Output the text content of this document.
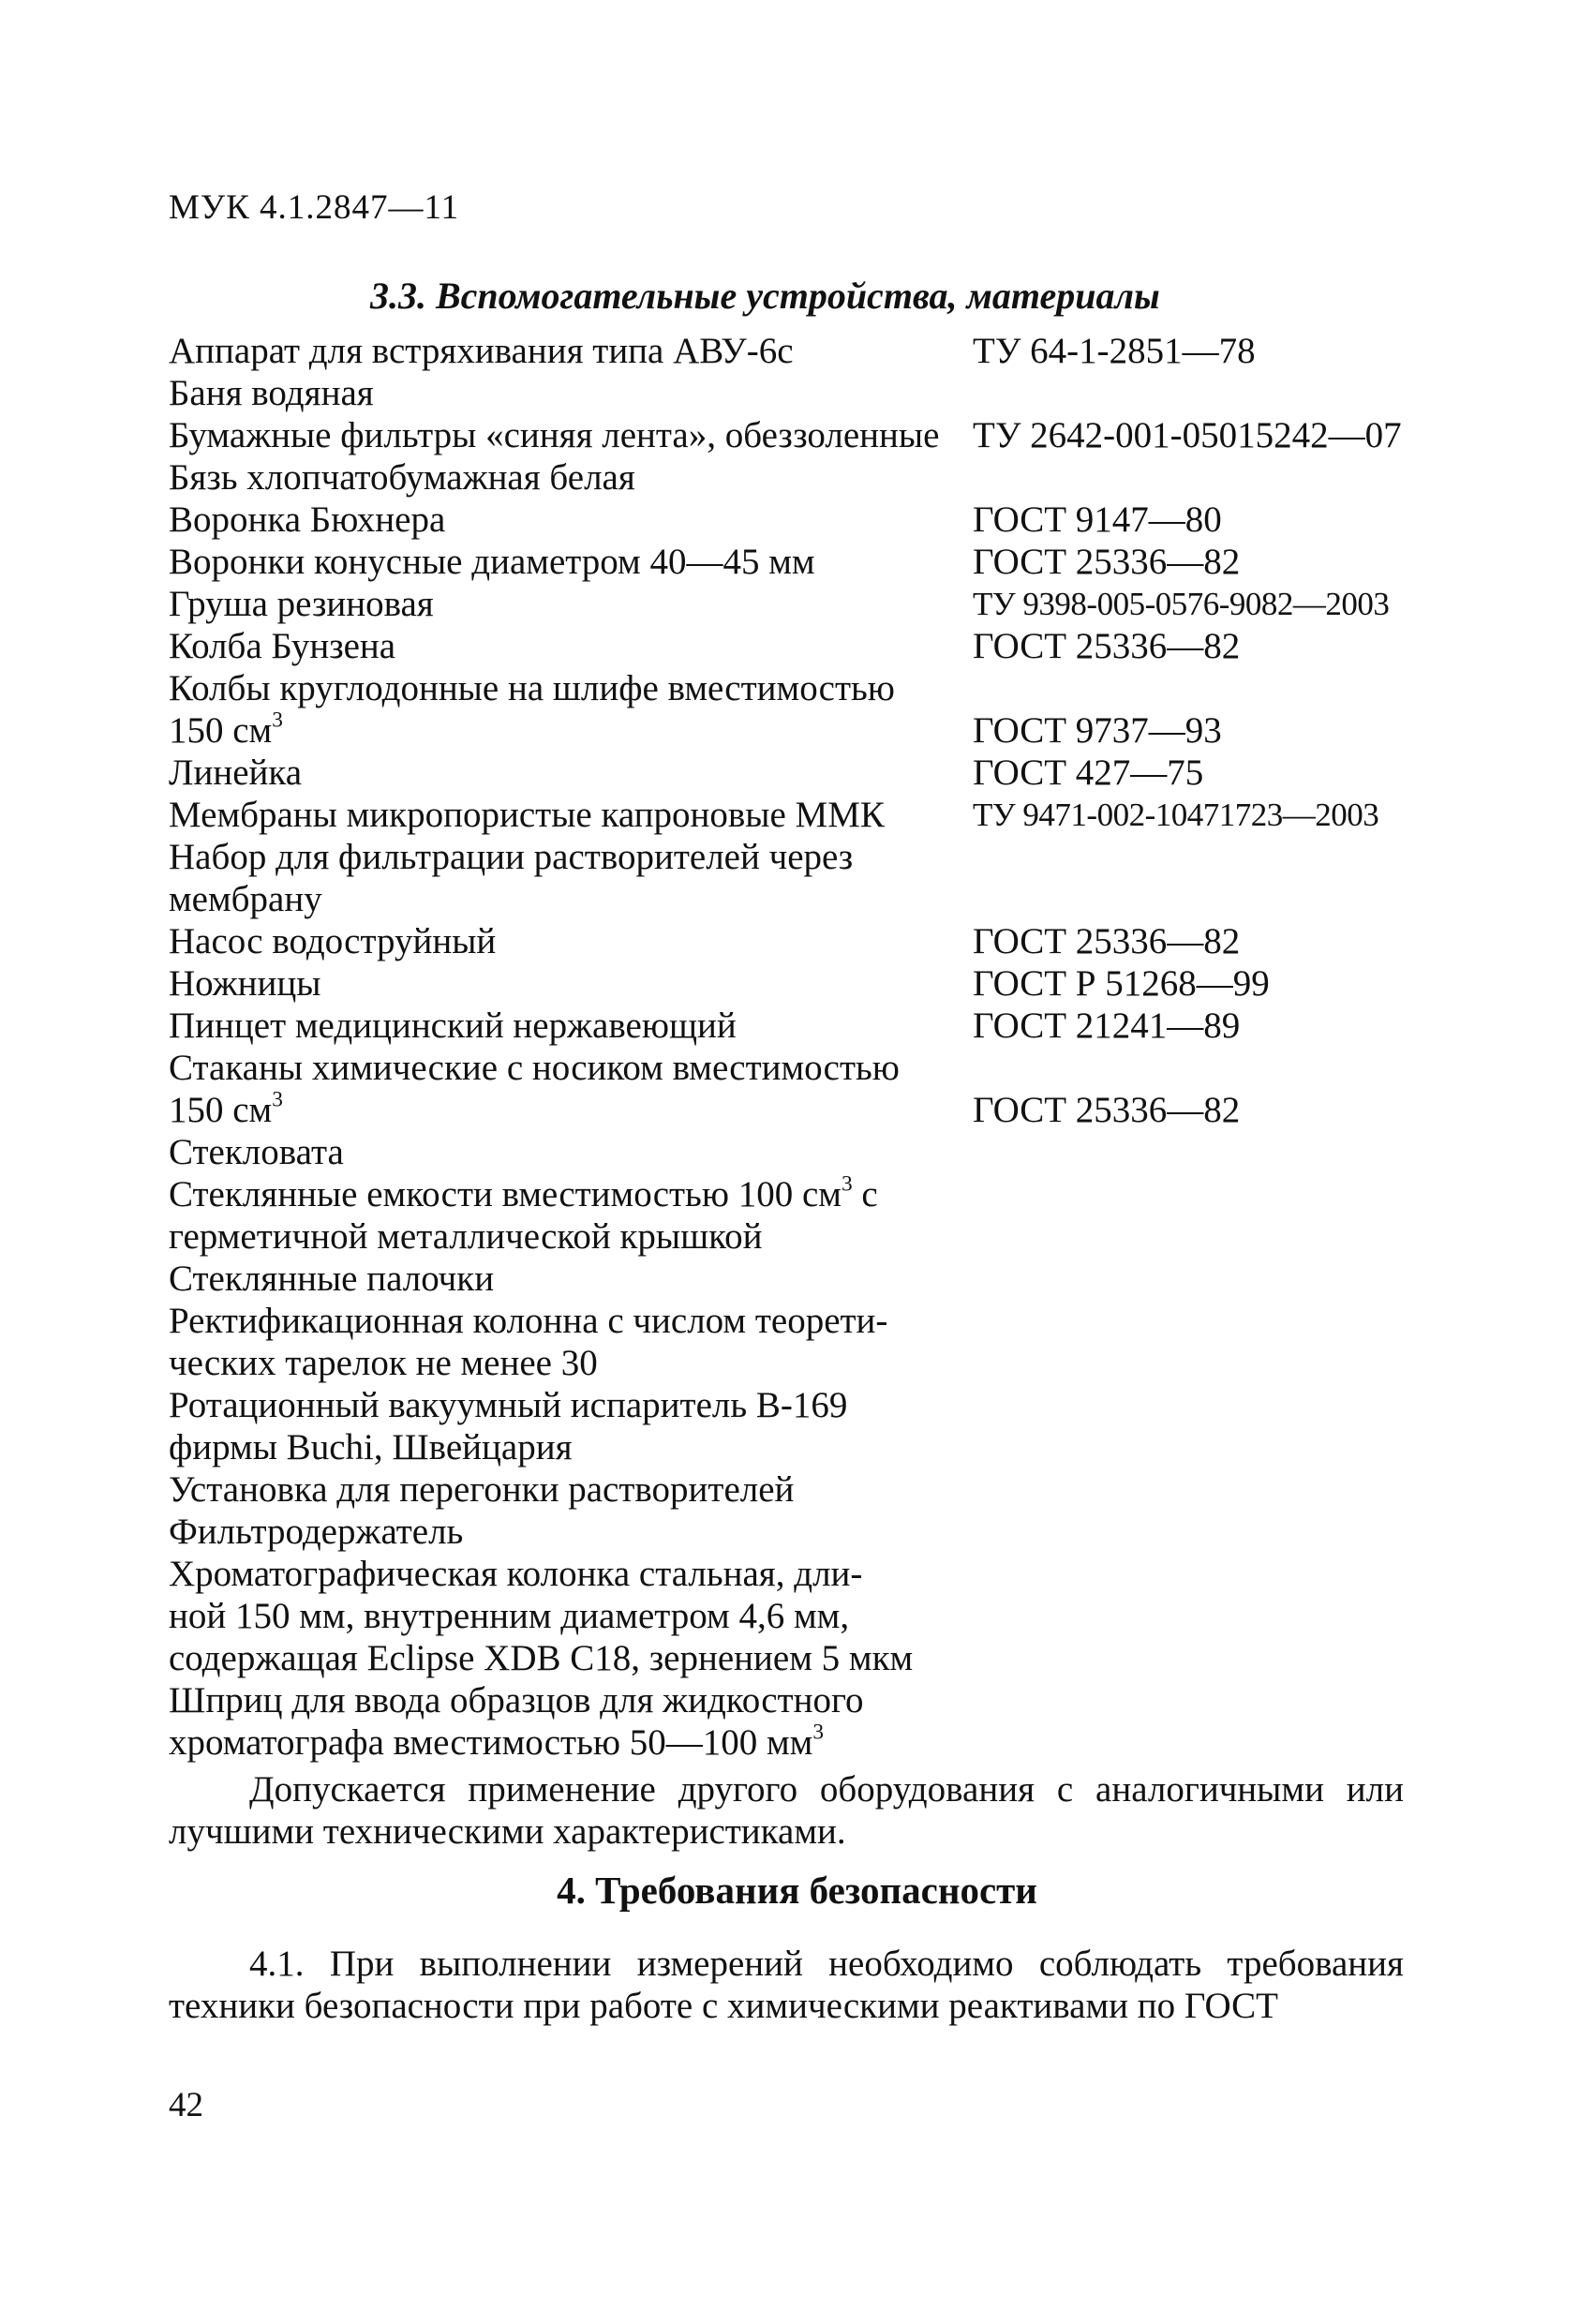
МУК 4.1.2847—11
3.3. Вспомогательные устройства, материалы
Аппарат для встряхивания типа АВУ-6с	ТУ 64-1-2851—78
Баня водяная
Бумажные фильтры «синяя лента», обеззоленные ТУ 2642-001-05015242—07
Бязь хлопчатобумажная белая
Воронка Бюхнера	ГОСТ 9147—80
Воронки конусные диаметром 40—45 мм	ГОСТ 25336—82
Груша резиновая	ТУ 9398-005-0576-9082—2003
Колба Бунзена	ГОСТ 25336—82
Колбы круглодонные на шлифе вместимостью
150 $см^3$	ГОСТ 9737—93
Линейка	ГОСТ 427—75
Мембраны микропористые капроновые ММК	ТУ 9471-002-10471723—2003
Набор для фильтрации растворителей через
мембрану
Насос водоструйный	ГОСТ 25336—82
Ножницы	ГОСТ Р 51268—99
Пинцет медицинский нержавеющий	ГОСТ 21241—89
Стаканы химические с носиком вместимостью
150 $см^3$	ГОСТ 25336—82
Стекловата
Стеклянные емкости вместимостью 100 $см^3$ с
герметичной металлической крышкой
Стеклянные палочки
Ректификационная колонна с числом теорети-
ческих тарелок не менее 30
Ротационный вакуумный испаритель В-169
фирмы Buchi, Швейцария
Установка для перегонки растворителей
Фильтродержатель
Хроматографическая колонка стальная, дли-
ной 150 мм, внутренним диаметром 4,6 мм,
содержащая Eclipse XDB C18, зернением 5 мкм
Шприц для ввода образцов для жидкостного
хроматографа вместимостью 50—100 $мм^3$
Допускается применение другого оборудования с аналогичными или лучшими техническими характеристиками.
4. Требования безопасности
4.1. При выполнении измерений необходимо соблюдать требования техники безопасности при работе с химическими реактивами по ГОСТ
42
